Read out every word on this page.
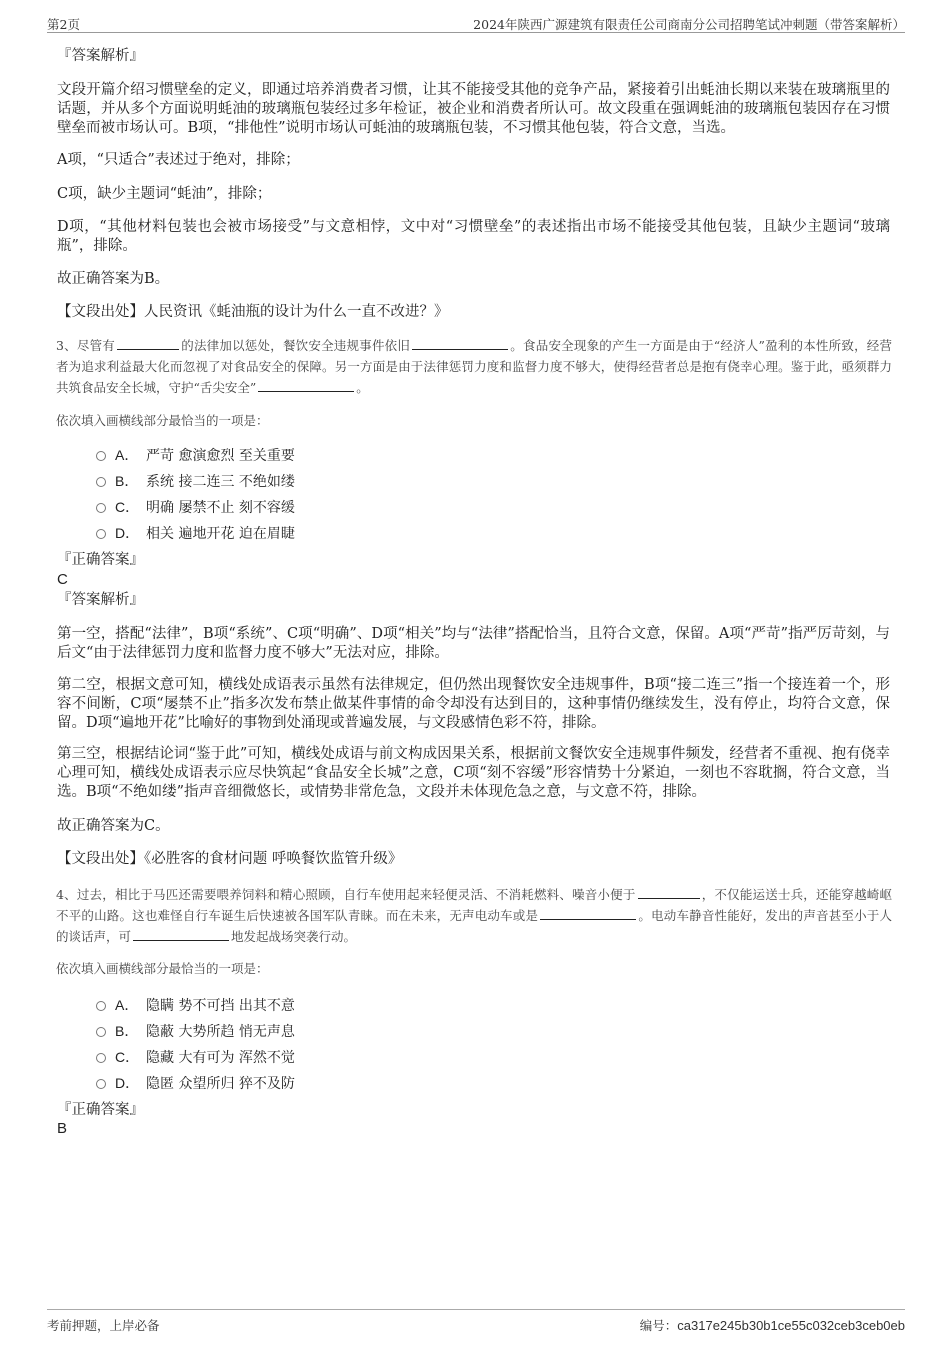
第2页	2024年陕西广源建筑有限责任公司商南分公司招聘笔试冲刺题（带答案解析）
『答案解析』
文段开篇介绍习惯壁垒的定义，即通过培养消费者习惯，让其不能接受其他的竞争产品，紧接着引出蚝油长期以来装在玻璃瓶里的话题，并从多个方面说明蚝油的玻璃瓶包装经过多年检证，被企业和消费者所认可。故文段重在强调蚝油的玻璃瓶包装因存在习惯壁垒而被市场认可。B项，“排他性”说明市场认可蚝油的玻璃瓶包装，不习惯其他包装，符合文意，当选。
A项，“只适合”表述过于绝对，排除；
C项，缺少主题词“蚝油”，排除；
D项，“其他材料包装也会被市场接受”与文意相悖，文中对“习惯壁垒”的表述指出市场不能接受其他包装，且缺少主题词“玻璃瓶”，排除。
故正确答案为B。
【文段出处】人民资讯《蚝油瓶的设计为什么一直不改进？》
3、尽管有	的法律加以惩处，餐饮安全违规事件依旧	。食品安全现象的产生一方面是由于“经济人”盈利的本性所致，经营者为追求利益最大化而忽视了对食品安全的保障。另一方面是由于法律惩罚力度和监督力度不够大，使得经营者总是抱有侥幸心理。鉴于此，亟须群力共筑食品安全长城，守护“舌尖安全”	。
依次填入画横线部分最恰当的一项是：
A． 严苛 愈演愈烈 至关重要
B． 系统 接二连三 不绝如缕
C． 明确 屡禁不止 刻不容缓
D． 相关 遍地开花 迫在眉睫
『正确答案』
C
『答案解析』
第一空，搭配“法律”，B项“系统”、C项“明确”、D项“相关”均与“法律”搭配恰当，且符合文意，保留。A项“严苛”指严厉苛刻，与后文“由于法律惩罚力度和监督力度不够大”无法对应，排除。
第二空，根据文意可知，横线处成语表示虽然有法律规定，但仍然出现餐饮安全违规事件，B项“接二连三”指一个接连着一个，形容不间断，C项“屡禁不止”指多次发布禁止做某件事情的命令却没有达到目的，这种事情仍继续发生，没有停止，均符合文意，保留。D项“遍地开花”比喻好的事物到处涌现或普遍发展，与文段感情色彩不符，排除。
第三空，根据结论词“鉴于此”可知，横线处成语与前文构成因果关系，根据前文餐饮安全违规事件频发，经营者不重视、抱有侥幸心理可知，横线处成语表示应尽快筑起“食品安全长城”之意，C项“刻不容缓”形容情势十分紧迫，一刻也不容耽搁，符合文意，当选。B项“不绝如缕”指声音细微悠长，或情势非常危急，文段并未体现危急之意，与文意不符，排除。
故正确答案为C。
【文段出处】《必胜客的食材问题 呼唤餐饮监管升级》
4、过去，相比于马匹还需要喂养饲料和精心照顾，自行车使用起来轻便灵活、不消耗燃料、噪音小便于	，不仅能运送士兵，还能穿越崎岖不平的山路。这也难怪自行车诞生后快速被各国军队青睐。而在未来，无声电动车或是	。电动车静音性能好，发出的声音甚至小于人的谈话声，可	地发起战场突袭行动。
依次填入画横线部分最恰当的一项是：
A． 隐瞒 势不可挡 出其不意
B． 隐蔽 大势所趋 悄无声息
C． 隐藏 大有可为 浑然不觉
D． 隐匿 众望所归 猝不及防
『正确答案』
B
考前押题，上岸必备	编号：ca317e245b30b1ce55c032ceb3ceb0eb
